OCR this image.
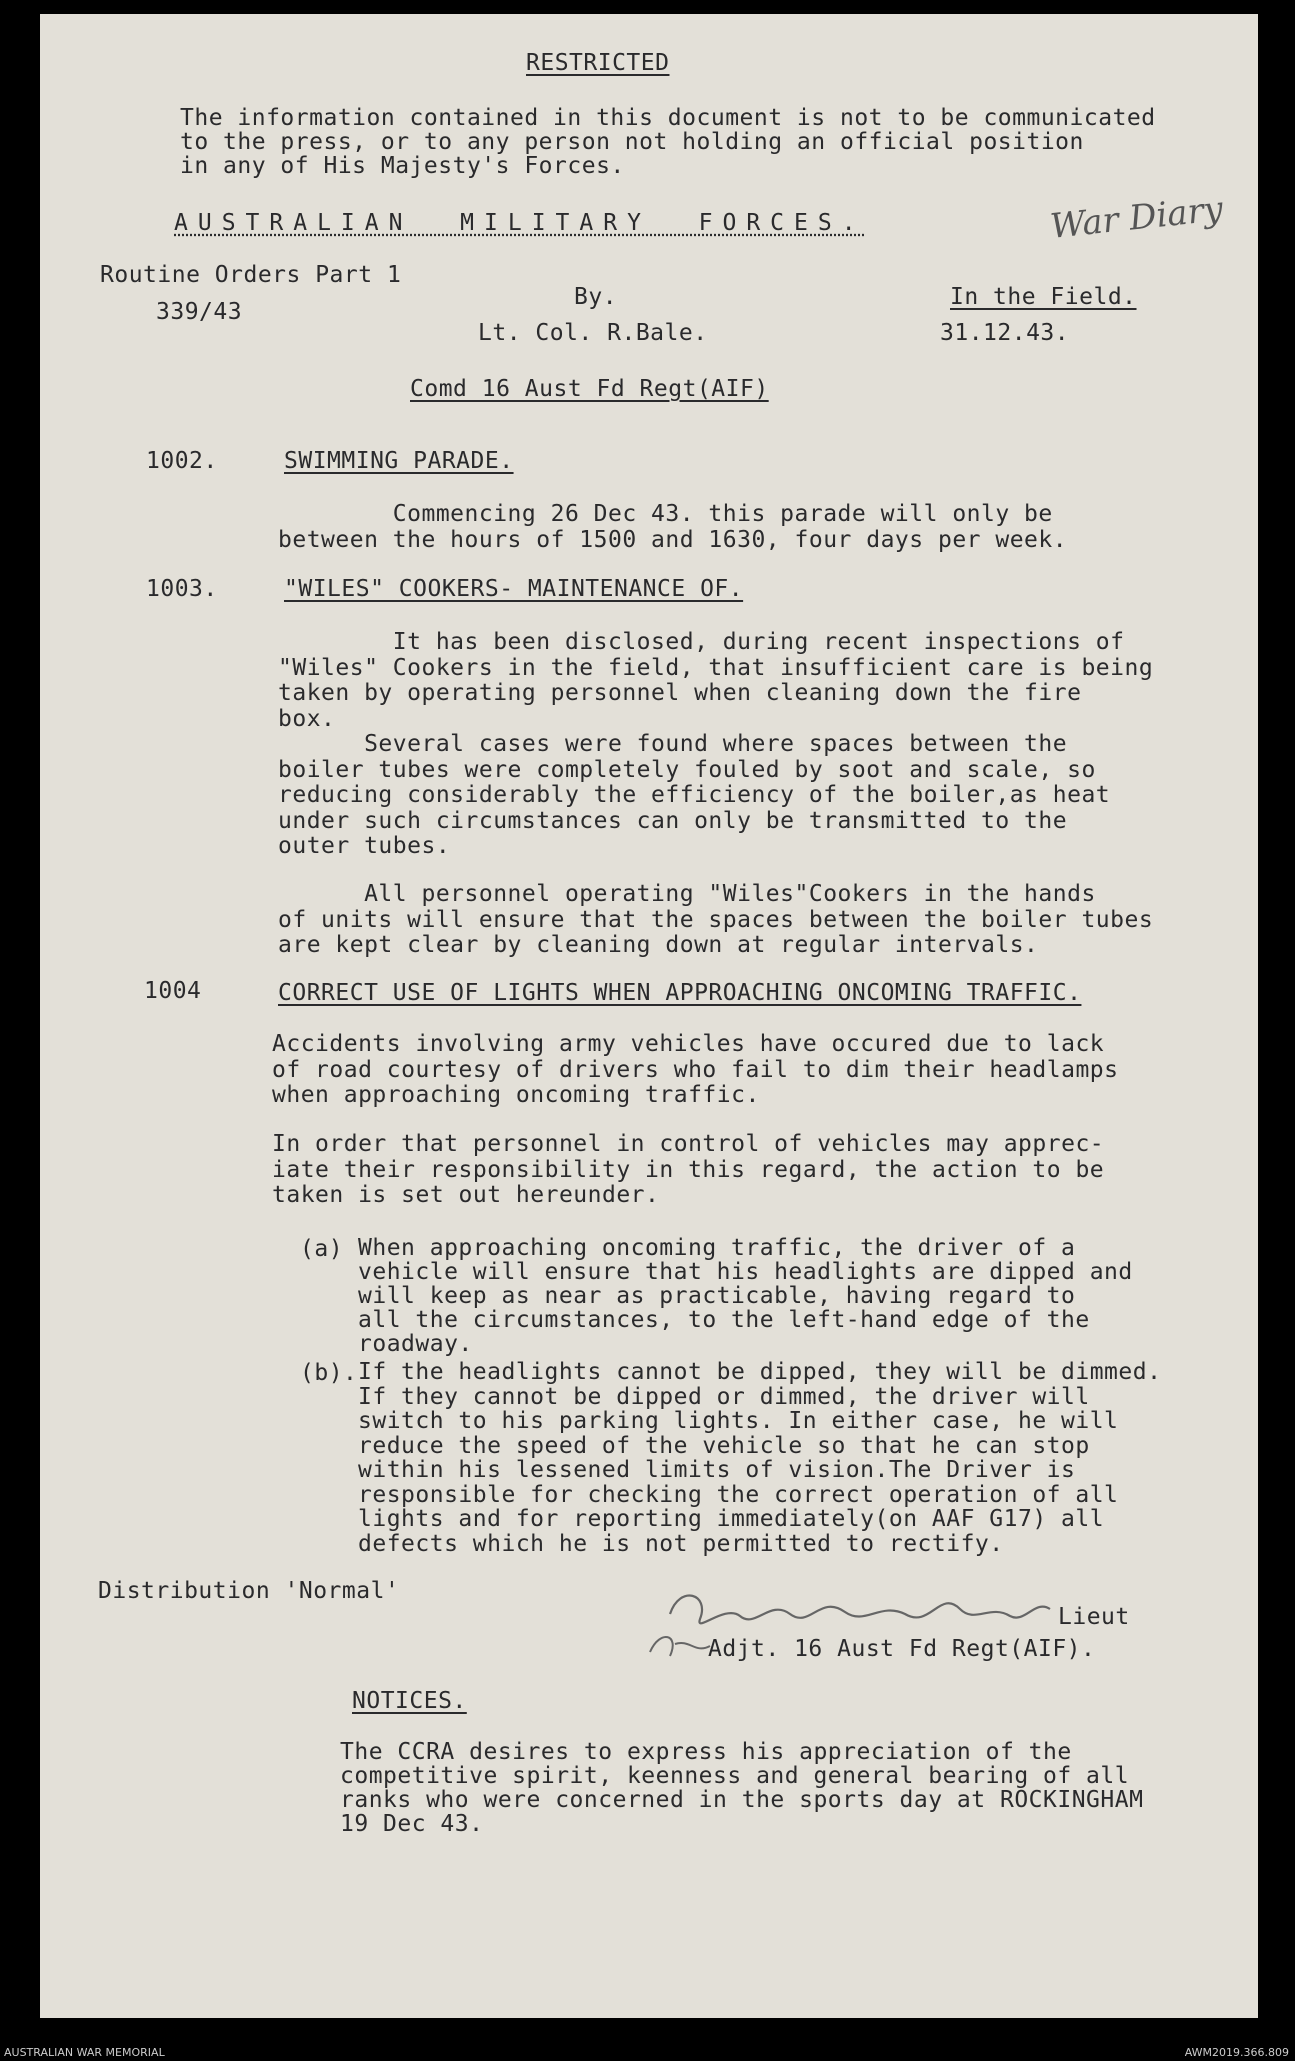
RESTRICTED
The information contained in this document is not to be communicated
to the press, or to any person not holding an official position
in any of His Majesty's Forces.
AUSTRALIAN  MILITARY  FORCES.	War Diary
Routine Orders Part 1
339/43
By.
Lt. Col. R.Bale.
Comd 16 Aust Fd Regt(AIF)
In the Field.
31.12.43.
1002.	SWIMMING PARADE.
Commencing 26 Dec 43. this parade will only be
between the hours of 1500 and 1630, four days per week.
1003.	"WILES" COOKERS- MAINTENANCE OF.
It has been disclosed, during recent inspections of
"Wiles" Cookers in the field, that insufficient care is being
taken by operating personnel when cleaning down the fire
box.
Several cases were found where spaces between the
boiler tubes were completely fouled by soot and scale, so
reducing considerably the efficiency of the boiler,as heat
under such circumstances can only be transmitted to the
outer tubes.
All personnel operating "Wiles"Cookers in the hands
of units will ensure that the spaces between the boiler tubes
are kept clear by cleaning down at regular intervals.
1004	CORRECT USE OF LIGHTS WHEN APPROACHING ONCOMING TRAFFIC.
Accidents involving army vehicles have occured due to lack
of road courtesy of drivers who fail to dim their headlamps
when approaching oncoming traffic.
In order that personnel in control of vehicles may apprec-
iate their responsibility in this regard, the action to be
taken is set out hereunder.
(a) When approaching oncoming traffic, the driver of a
vehicle will ensure that his headlights are dipped and
will keep as near as practicable, having regard to
all the circumstances, to the left-hand edge of the
roadway.
(b). If the headlights cannot be dipped, they will be dimmed.
If they cannot be dipped or dimmed, the driver will
switch to his parking lights. In either case, he will
reduce the speed of the vehicle so that he can stop
within his lessened limits of vision.The Driver is
responsible for checking the correct operation of all
lights and for reporting immediately(on AAF G17) all
defects which he is not permitted to rectify.
Distribution 'Normal'
Lieut
Adjt. 16 Aust Fd Regt(AIF).
NOTICES.
The CCRA desires to express his appreciation of the
competitive spirit, keenness and general bearing of all
ranks who were concerned in the sports day at ROCKINGHAM
19 Dec 43.
AUSTRALIAN WAR MEMORIAL	AWM2019.366.809
